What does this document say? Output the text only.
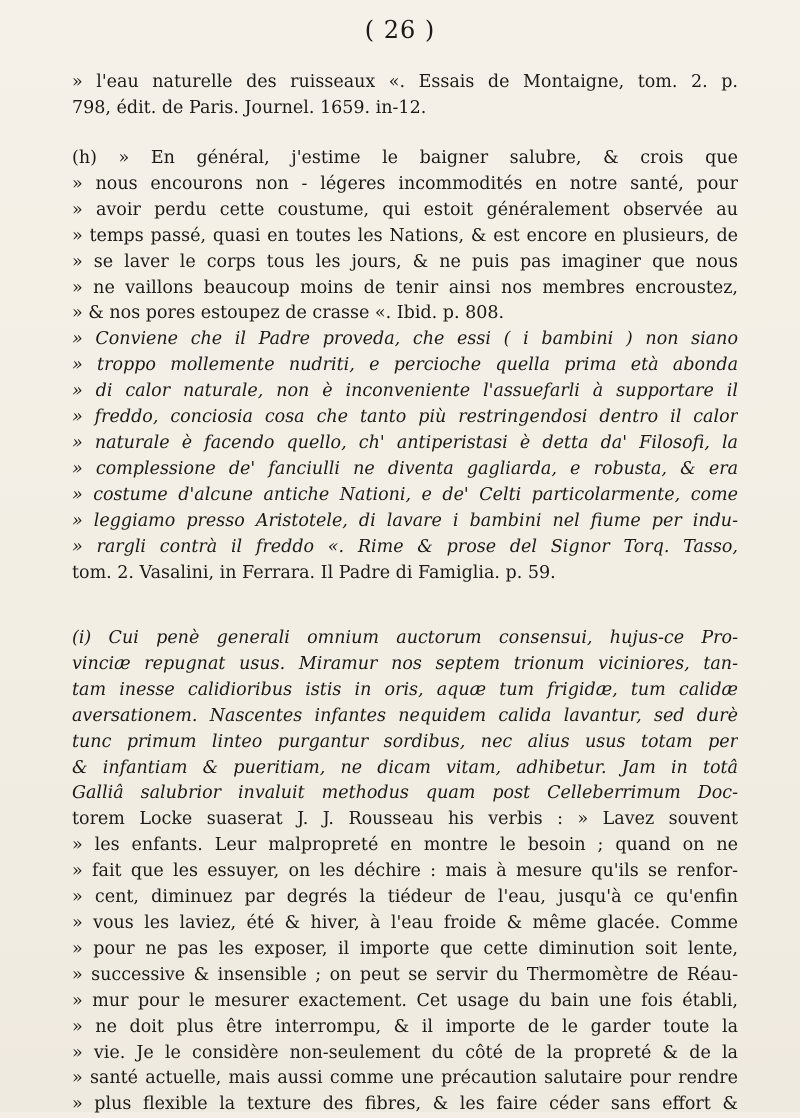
( 26 )
» l'eau naturelle des ruisseaux «. Essais de Montaigne, tom. 2. p.
798, édit. de Paris. Journel. 1659. in-12.
(h) » En général, j'estime le baigner salubre, & crois que
» nous encourons non - légeres incommodités en notre santé, pour
» avoir perdu cette coustume, qui estoit généralement observée au
» temps passé, quasi en toutes les Nations, & est encore en plusieurs, de
» se laver le corps tous les jours, & ne puis pas imaginer que nous
» ne vaillons beaucoup moins de tenir ainsi nos membres encroustez,
» & nos pores estoupez de crasse «. Ibid. p. 808.
» Conviene che il Padre proveda, che essi ( i bambini ) non siano
» troppo mollemente nudriti, e percioche quella prima età abonda
» di calor naturale, non è inconveniente l'assuefarli à supportare il
» freddo, conciosia cosa che tanto più restringendosi dentro il calor
» naturale è facendo quello, ch' antiperistasi è detta da' Filosofi, la
» complessione de' fanciulli ne diventa gagliarda, e robusta, & era
» costume d'alcune antiche Nationi, e de' Celti particolarmente, come
» leggiamo presso Aristotele, di lavare i bambini nel fiume per indu-
» rargli contrà il freddo «. Rime & prose del Signor Torq. Tasso,
tom. 2. Vasalini, in Ferrara. Il Padre di Famiglia. p. 59.
(i) Cui penè generali omnium auctorum consensui, hujus-ce Pro-
vinciæ repugnat usus. Miramur nos septem trionum viciniores, tan-
tam inesse calidioribus istis in oris, aquæ tum frigidæ, tum calidæ
aversationem. Nascentes infantes nequidem calida lavantur, sed durè
tunc primum linteo purgantur sordibus, nec alius usus totam per
& infantiam & pueritiam, ne dicam vitam, adhibetur. Jam in totâ
Galliâ salubrior invaluit methodus quam post Celleberrimum Doc-
torem Locke suaserat J. J. Rousseau his verbis : » Lavez souvent
» les enfants. Leur malpropreté en montre le besoin ; quand on ne
» fait que les essuyer, on les déchire : mais à mesure qu'ils se renfor-
» cent, diminuez par degrés la tiédeur de l'eau, jusqu'à ce qu'enfin
» vous les laviez, été & hiver, à l'eau froide & même glacée. Comme
» pour ne pas les exposer, il importe que cette diminution soit lente,
» successive & insensible ; on peut se servir du Thermomètre de Réau-
» mur pour le mesurer exactement. Cet usage du bain une fois établi,
» ne doit plus être interrompu, & il importe de le garder toute la
» vie. Je le considère non-seulement du côté de la propreté & de la
» santé actuelle, mais aussi comme une précaution salutaire pour rendre
» plus flexible la texture des fibres, & les faire céder sans effort &
